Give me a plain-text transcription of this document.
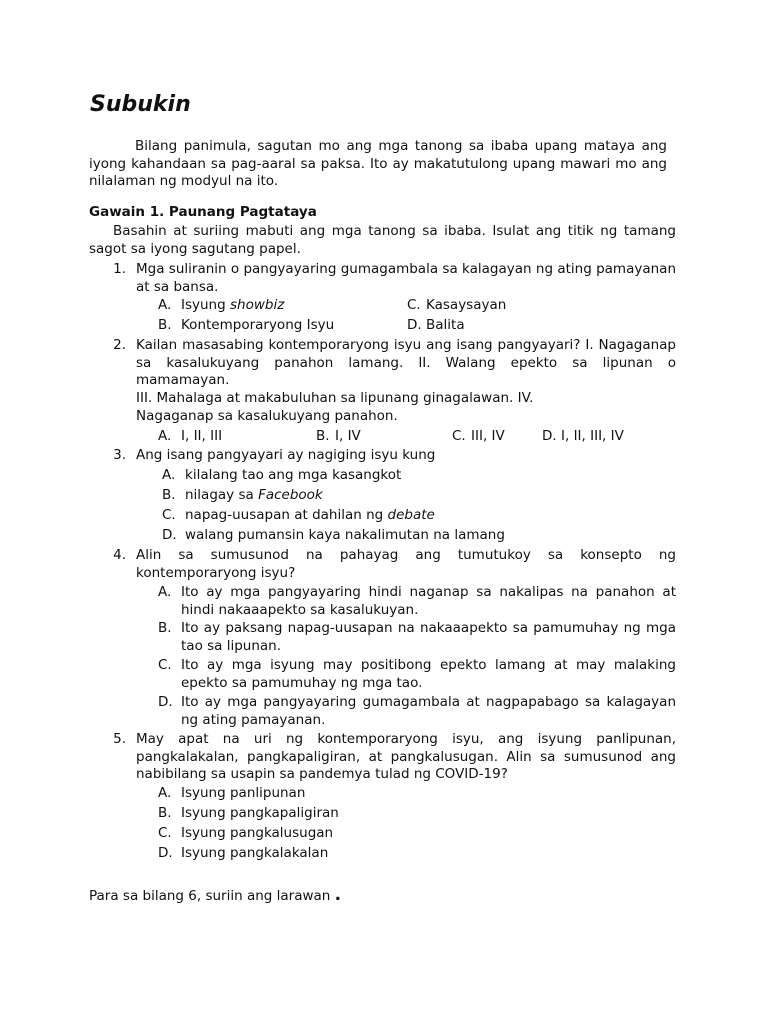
Subukin

Bilang panimula, sagutan mo ang mga tanong sa ibaba upang mataya ang iyong kahandaan sa pag-aaral sa paksa. Ito ay makatutulong upang mawari mo ang nilalaman ng modyul na ito.

Gawain 1. Paunang Pagtataya

Basahin at suriing mabuti ang mga tanong sa ibaba. Isulat ang titik ng tamang sagot sa iyong sagutang papel.

1. Mga suliranin o pangyayaring gumagambala sa kalagayan ng ating pamayanan at sa bansa.

A. Isyung showbiz
B. Kontemporaryong Isyu
C. Kasaysayan
D. Balita
2. Kailan masasabing kontemporaryong isyu ang isang pangyayari? I. Nagaganap sa kasalukuyang panahon lamang. II. Walang epekto sa lipunan o mamamayan.

III. Mahalaga at makabuluhan sa lipunang ginagalawan. IV. Nagaganap sa kasalukuyang panahon.

A. I, II, III	B. I, IV	C. III, IV	D. I, II, III, IV
3. Ang isang pangyayari ay nagiging isyu kung

A. kilalang tao ang mga kasangkot
B. nilagay sa Facebook
C. napag-uusapan at dahilan ng debate
D. walang pumansin kaya nakalimutan na lamang
4. Alin sa sumusunod na pahayag ang tumutukoy sa konsepto ng kontemporaryong isyu?

A. Ito ay mga pangyayaring hindi naganap sa nakalipas na panahon at hindi nakaaapekto sa kasalukuyan.

B. Ito ay paksang napag-uusapan na nakaaapekto sa pamumuhay ng mga tao sa lipunan.

C. Ito ay mga isyung may positibong epekto lamang at may malaking epekto sa pamumuhay ng mga tao.

D. Ito ay mga pangyayaring gumagambala at nagpapabago sa kalagayan ng ating pamayanan.

5. May apat na uri ng kontemporaryong isyu, ang isyung panlipunan, pangkalakalan, pangkapaligiran, at pangkalusugan. Alin sa sumusunod ang nabibilang sa usapin sa pandemya tulad ng COVID-19?

A. Isyung panlipunan
B. Isyung pangkapaligiran
C. Isyung pangkalusugan
D. Isyung pangkalakalan

Para sa bilang 6, suriin ang larawan .
